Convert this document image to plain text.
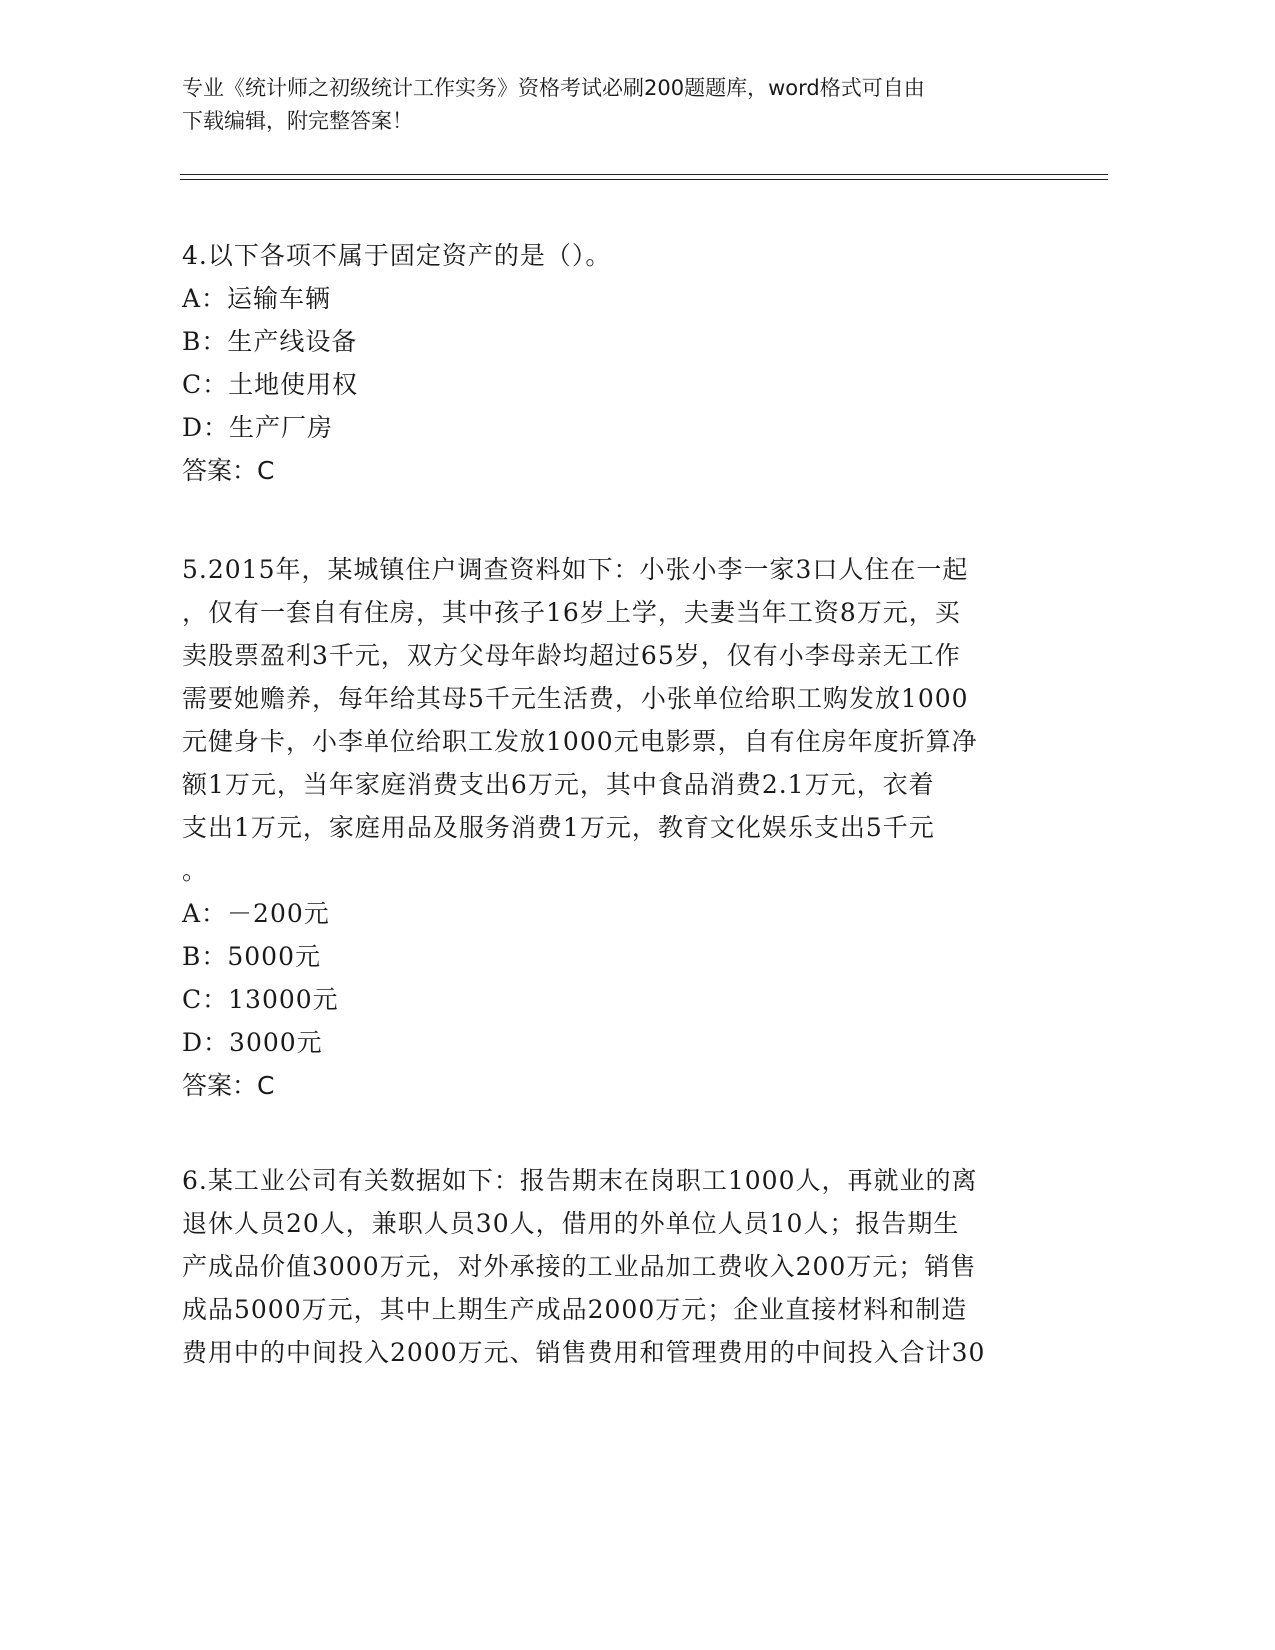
专业《统计师之初级统计工作实务》资格考试必刷200题题库，word格式可自由
下载编辑，附完整答案！
4.以下各项不属于固定资产的是（）。
A：运输车辆
B：生产线设备
C：土地使用权
D：生产厂房
答案：C
5.2015年，某城镇住户调查资料如下：小张小李一家3口人住在一起
，仅有一套自有住房，其中孩子16岁上学，夫妻当年工资8万元，买
卖股票盈利3千元，双方父母年龄均超过65岁，仅有小李母亲无工作
需要她赡养，每年给其母5千元生活费，小张单位给职工购发放1000
元健身卡，小李单位给职工发放1000元电影票，自有住房年度折算净
额1万元，当年家庭消费支出6万元，其中食品消费2.1万元，衣着
支出1万元，家庭用品及服务消费1万元，教育文化娱乐支出5千元
。
A：－200元
B：5000元
C：13000元
D：3000元
答案：C
6.某工业公司有关数据如下：报告期末在岗职工1000人，再就业的离
退休人员20人，兼职人员30人，借用的外单位人员10人；报告期生
产成品价值3000万元，对外承接的工业品加工费收入200万元；销售
成品5000万元，其中上期生产成品2000万元；企业直接材料和制造
费用中的中间投入2000万元、销售费用和管理费用的中间投入合计30
